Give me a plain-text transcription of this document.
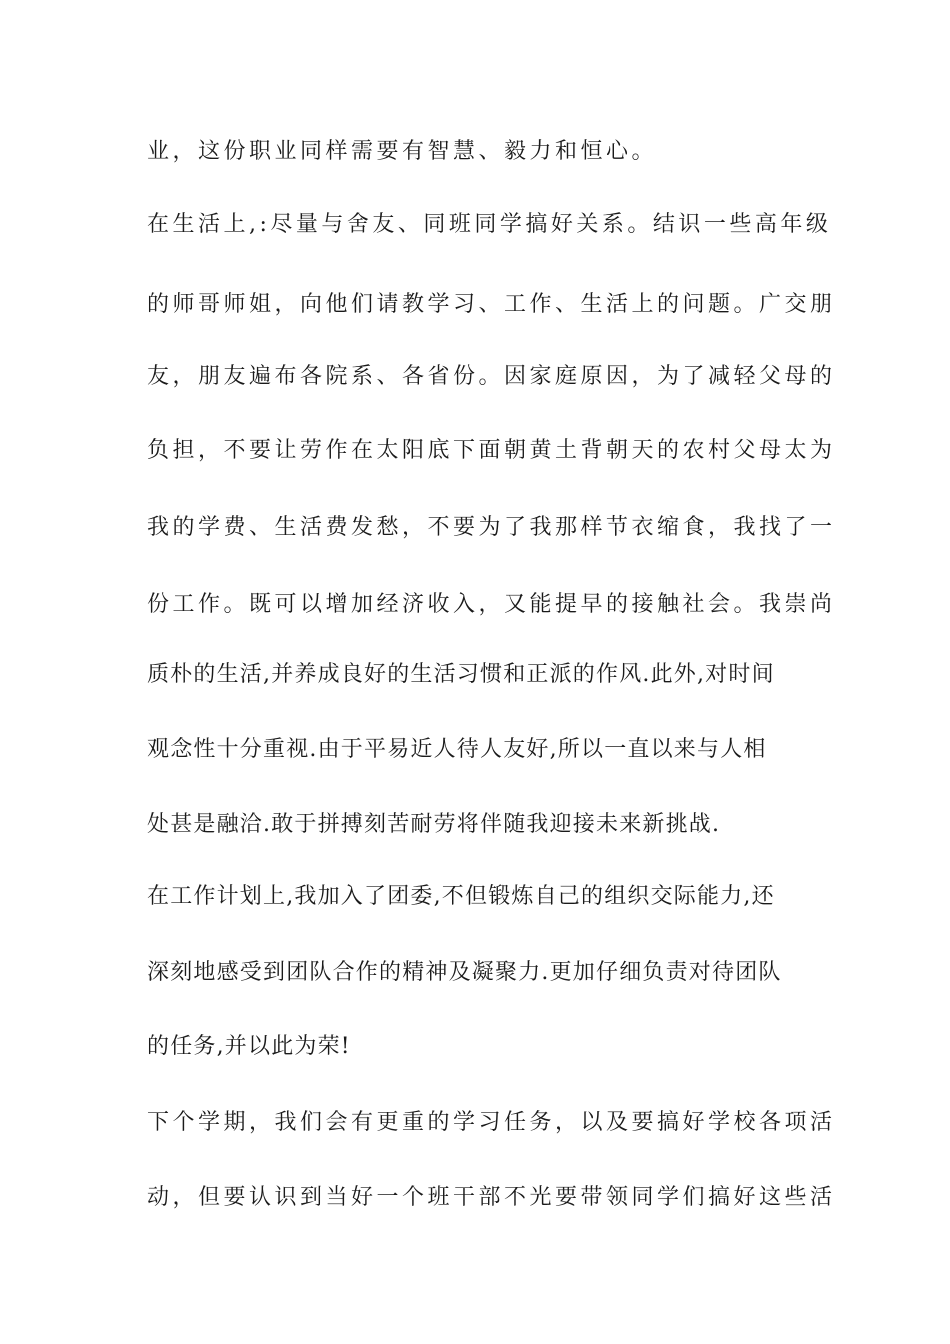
业，这份职业同样需要有智慧、毅力和恒心。
在生活上,:尽量与舍友、同班同学搞好关系。结识一些高年级
的师哥师姐，向他们请教学习、工作、生活上的问题。广交朋
友，朋友遍布各院系、各省份。因家庭原因，为了减轻父母的
负担，不要让劳作在太阳底下面朝黄土背朝天的农村父母太为
我的学费、生活费发愁，不要为了我那样节衣缩食，我找了一
份工作。既可以增加经济收入，又能提早的接触社会。我崇尚
质朴的生活,并养成良好的生活习惯和正派的作风.此外,对时间
观念性十分重视.由于平易近人待人友好,所以一直以来与人相
处甚是融洽.敢于拼搏刻苦耐劳将伴随我迎接未来新挑战.
在工作计划上,我加入了团委,不但锻炼自己的组织交际能力,还
深刻地感受到团队合作的精神及凝聚力.更加仔细负责对待团队
的任务,并以此为荣!
下个学期，我们会有更重的学习任务，以及要搞好学校各项活
动，但要认识到当好一个班干部不光要带领同学们搞好这些活
